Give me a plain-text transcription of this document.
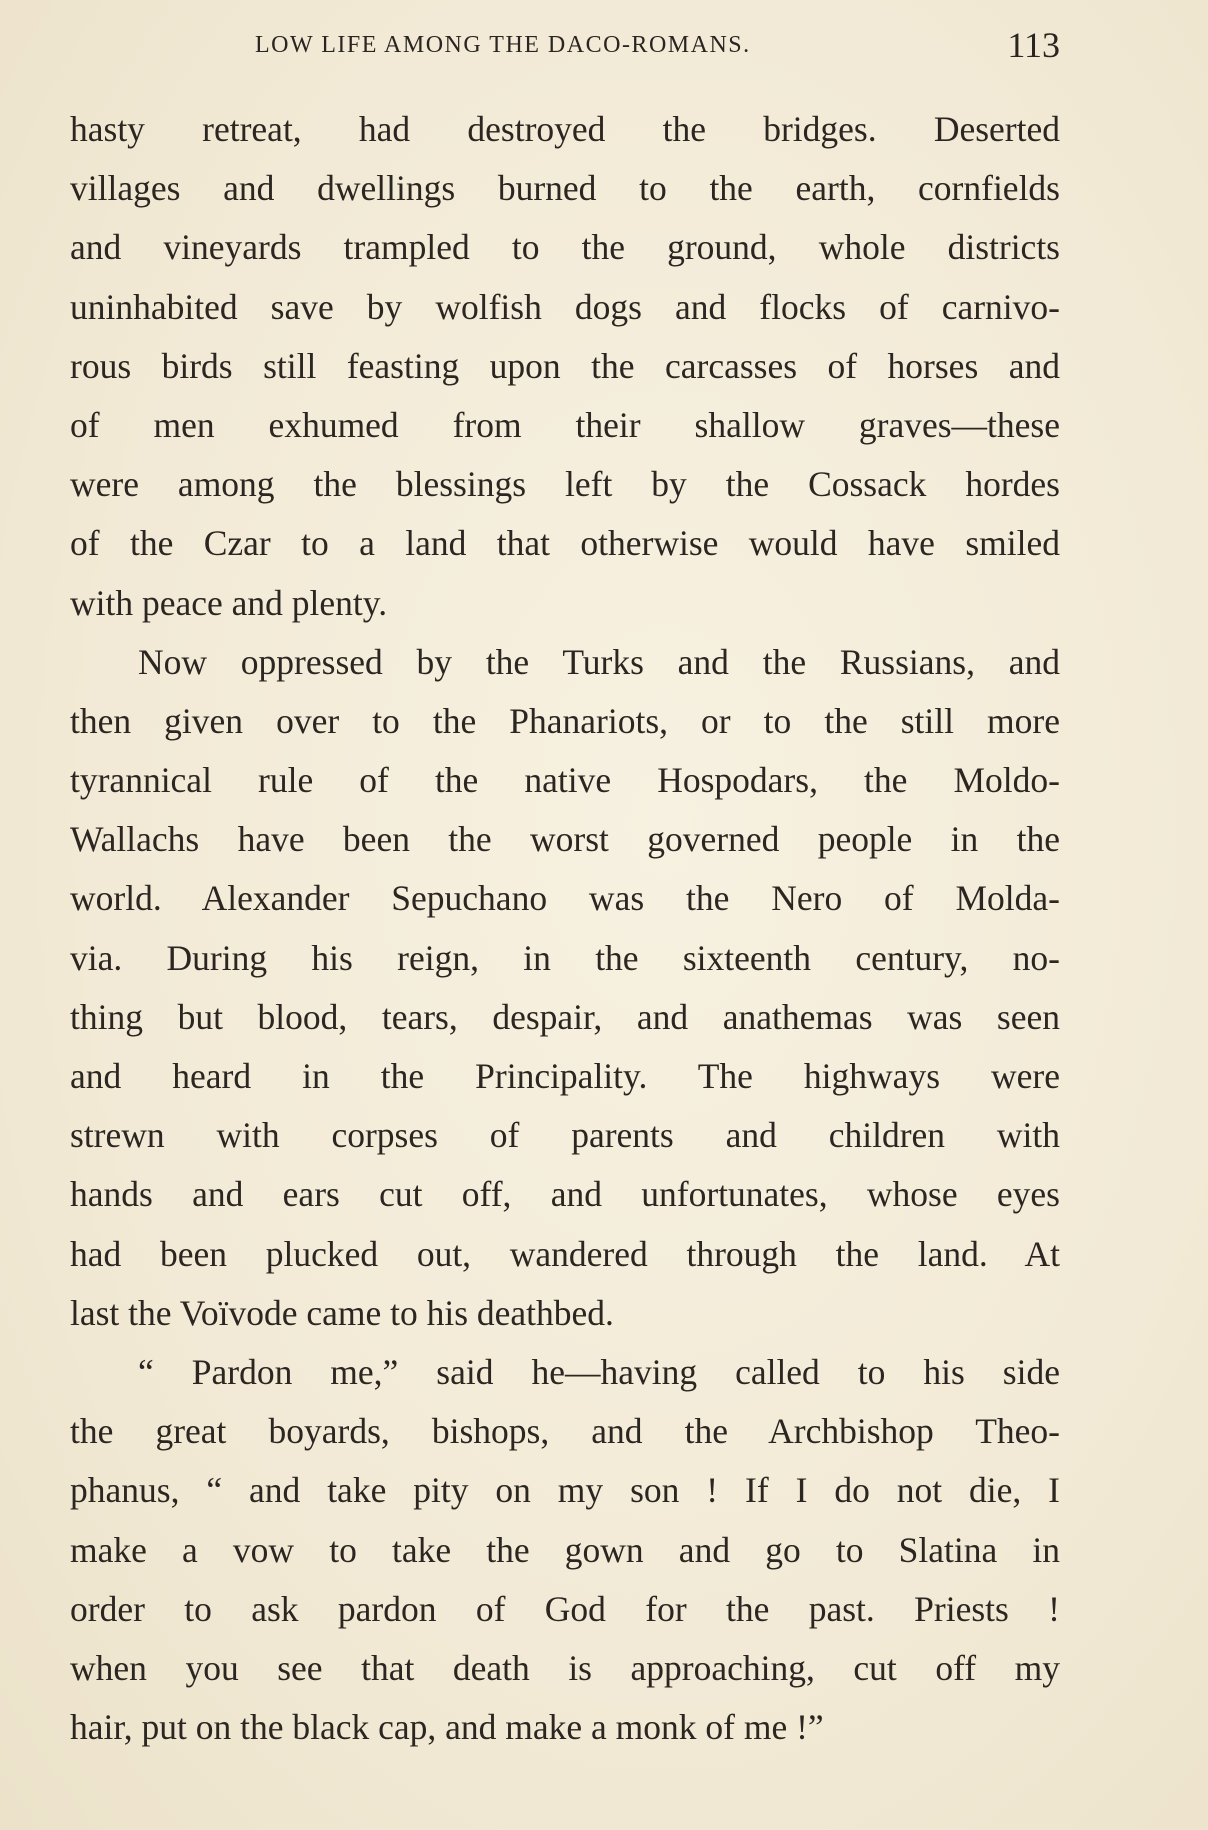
LOW LIFE AMONG THE DACO-ROMANS.	113
hasty retreat, had destroyed the bridges. Deserted
villages and dwellings burned to the earth, cornfields
and vineyards trampled to the ground, whole districts
uninhabited save by wolfish dogs and flocks of carnivo-
rous birds still feasting upon the carcasses of horses and
of men exhumed from their shallow graves—these
were among the blessings left by the Cossack hordes
of the Czar to a land that otherwise would have smiled
with peace and plenty.
Now oppressed by the Turks and the Russians, and
then given over to the Phanariots, or to the still more
tyrannical rule of the native Hospodars, the Moldo-
Wallachs have been the worst governed people in the
world. Alexander Sepuchano was the Nero of Molda-
via. During his reign, in the sixteenth century, no-
thing but blood, tears, despair, and anathemas was seen
and heard in the Principality. The highways were
strewn with corpses of parents and children with
hands and ears cut off, and unfortunates, whose eyes
had been plucked out, wandered through the land. At
last the Voïvode came to his deathbed.
“ Pardon me,” said he—having called to his side
the great boyards, bishops, and the Archbishop Theo-
phanus, “ and take pity on my son ! If I do not die, I
make a vow to take the gown and go to Slatina in
order to ask pardon of God for the past. Priests !
when you see that death is approaching, cut off my
hair, put on the black cap, and make a monk of me !”
